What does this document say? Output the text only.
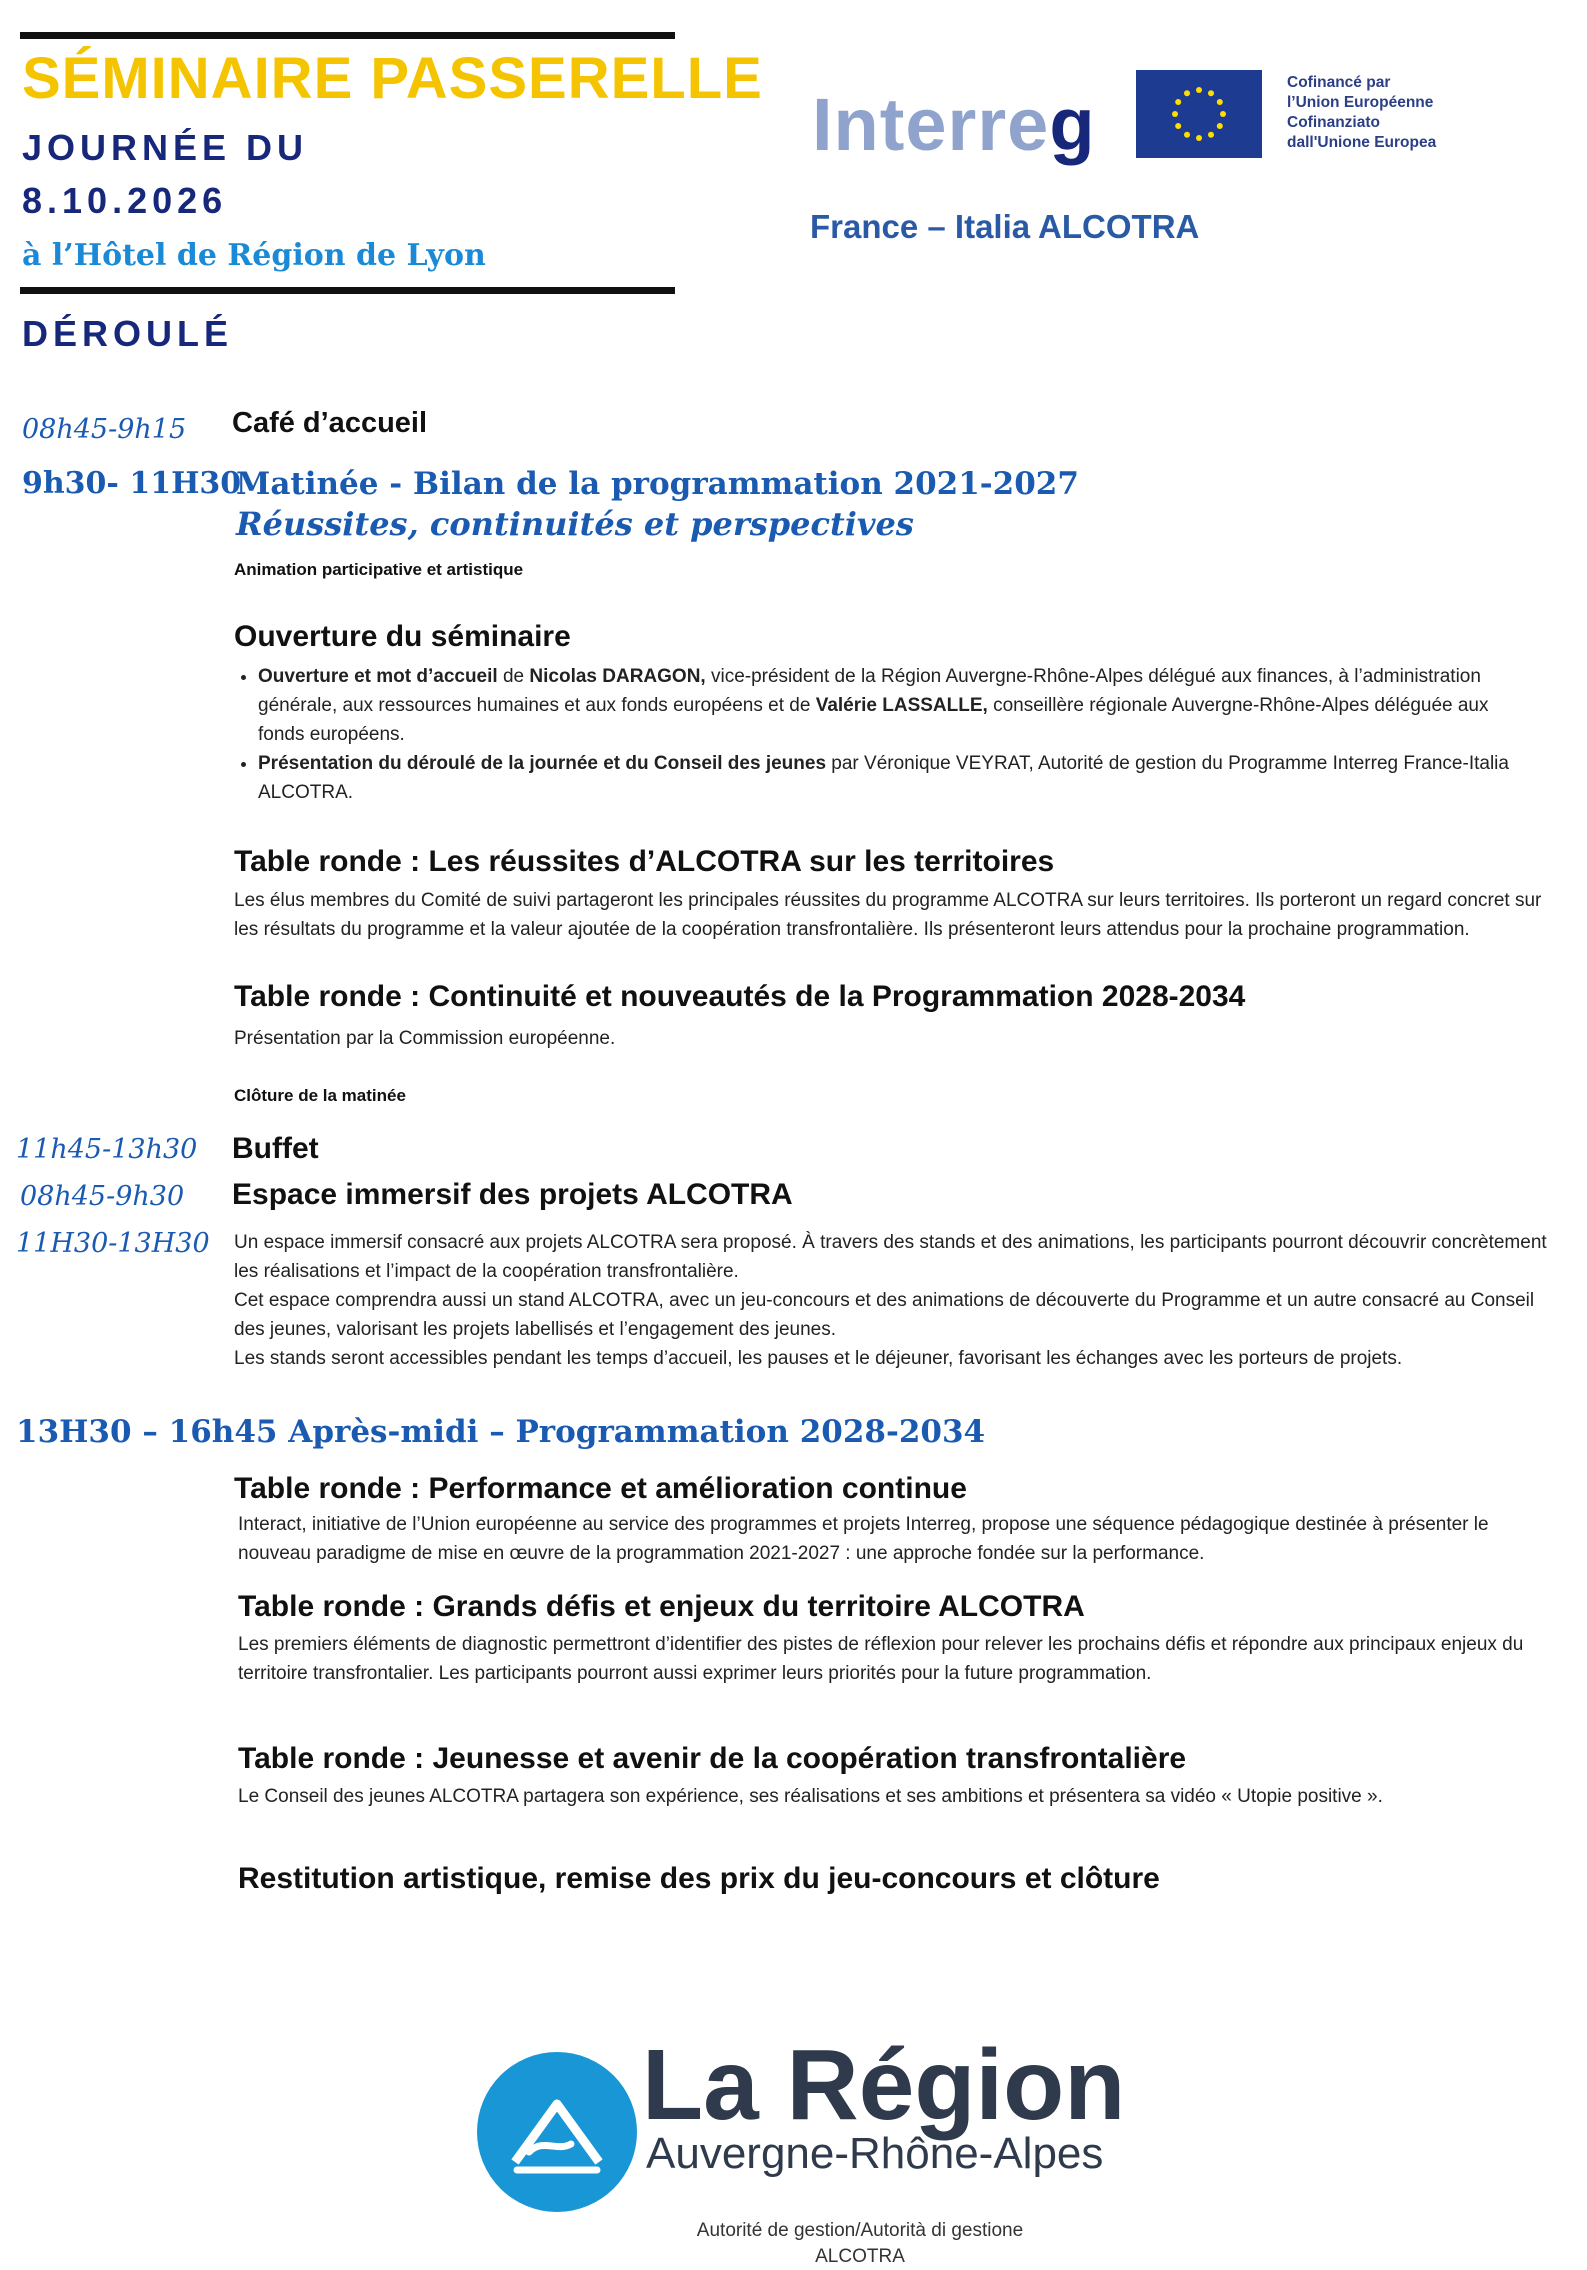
SÉMINAIRE PASSERELLE
JOURNÉE DU
8.10.2026
à l’Hôtel de Région de Lyon
DÉROULÉ
Interreg
Cofinancé par
l’Union Européenne
Cofinanziato
dall'Unione Europea
France – Italia ALCOTRA
08h45-9h15 Café d’accueil
9h30- 11H30
Matinée - Bilan de la programmation 2021-2027
Réussites, continuités et perspectives
Animation participative et artistique
Ouverture du séminaire
• Ouverture et mot d’accueil de Nicolas DARAGON, vice-président de la Région Auvergne-Rhône-Alpes délégué aux finances, à l’administration générale, aux ressources humaines et aux fonds européens et de Valérie LASSALLE, conseillère régionale Auvergne-Rhône-Alpes déléguée aux fonds européens.
• Présentation du déroulé de la journée et du Conseil des jeunes par Véronique VEYRAT, Autorité de gestion du Programme Interreg France-Italia ALCOTRA.
Table ronde : Les réussites d’ALCOTRA sur les territoires
Les élus membres du Comité de suivi partageront les principales réussites du programme ALCOTRA sur leurs territoires. Ils porteront un regard concret sur les résultats du programme et la valeur ajoutée de la coopération transfrontalière. Ils présenteront leurs attendus pour la prochaine programmation.
Table ronde : Continuité et nouveautés de la Programmation 2028-2034
Présentation par la Commission européenne.
Clôture de la matinée
11h45-13h30 Buffet
08h45-9h30 Espace immersif des projets ALCOTRA
11H30-13H30 Un espace immersif consacré aux projets ALCOTRA sera proposé. À travers des stands et des animations, les participants pourront découvrir concrètement les réalisations et l’impact de la coopération transfrontalière.
Cet espace comprendra aussi un stand ALCOTRA, avec un jeu-concours et des animations de découverte du Programme et un autre consacré au Conseil des jeunes, valorisant les projets labellisés et l’engagement des jeunes.
Les stands seront accessibles pendant les temps d’accueil, les pauses et le déjeuner, favorisant les échanges avec les porteurs de projets.
13H30 – 16h45 Après-midi – Programmation 2028-2034
Table ronde : Performance et amélioration continue
Interact, initiative de l’Union européenne au service des programmes et projets Interreg, propose une séquence pédagogique destinée à présenter le nouveau paradigme de mise en œuvre de la programmation 2021-2027 : une approche fondée sur la performance.
Table ronde : Grands défis et enjeux du territoire ALCOTRA
Les premiers éléments de diagnostic permettront d’identifier des pistes de réflexion pour relever les prochains défis et répondre aux principaux enjeux du territoire transfrontalier. Les participants pourront aussi exprimer leurs priorités pour la future programmation.
Table ronde : Jeunesse et avenir de la coopération transfrontalière
Le Conseil des jeunes ALCOTRA partagera son expérience, ses réalisations et ses ambitions et présentera sa vidéo « Utopie positive ».
Restitution artistique, remise des prix du jeu-concours et clôture
La Région
Auvergne-Rhône-Alpes
Autorité de gestion/Autorità di gestione
ALCOTRA
